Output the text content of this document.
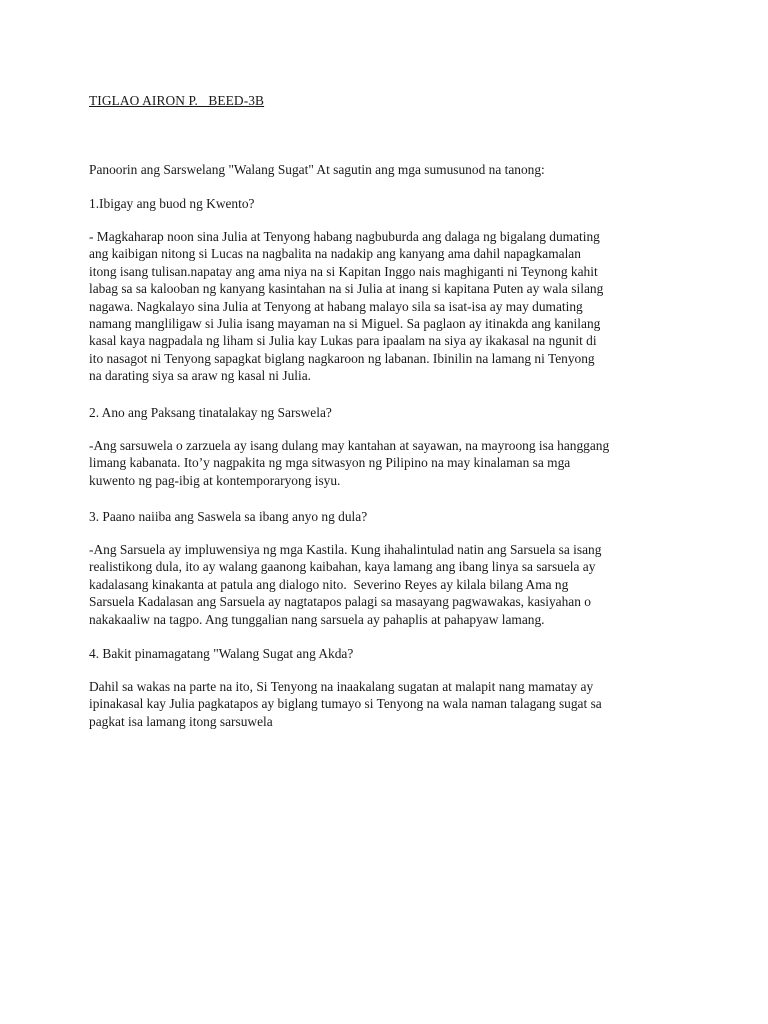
TIGLAO AIRON P.   BEED-3B

Panoorin ang Sarswelang "Walang Sugat" At sagutin ang mga sumusunod na tanong:

1.Ibigay ang buod ng Kwento?

- Magkaharap noon sina Julia at Tenyong habang nagbuburda ang dalaga ng bigalang dumating
ang kaibigan nitong si Lucas na nagbalita na nadakip ang kanyang ama dahil napagkamalan
itong isang tulisan.napatay ang ama niya na si Kapitan Inggo nais maghiganti ni Teynong kahit
labag sa sa kalooban ng kanyang kasintahan na si Julia at inang si kapitana Puten ay wala silang
nagawa. Nagkalayo sina Julia at Tenyong at habang malayo sila sa isat-isa ay may dumating
namang mangliligaw si Julia isang mayaman na si Miguel. Sa paglaon ay itinakda ang kanilang
kasal kaya nagpadala ng liham si Julia kay Lukas para ipaalam na siya ay ikakasal na ngunit di
ito nasagot ni Tenyong sapagkat biglang nagkaroon ng labanan. Ibinilin na lamang ni Tenyong
na darating siya sa araw ng kasal ni Julia.

2. Ano ang Paksang tinatalakay ng Sarswela?

-Ang sarsuwela o zarzuela ay isang dulang may kantahan at sayawan, na mayroong isa hanggang
limang kabanata. Ito’y nagpakita ng mga sitwasyon ng Pilipino na may kinalaman sa mga
kuwento ng pag-ibig at kontemporaryong isyu.

3. Paano naiiba ang Saswela sa ibang anyo ng dula?

-Ang Sarsuela ay impluwensiya ng mga Kastila. Kung ihahalintulad natin ang Sarsuela sa isang
realistikong dula, ito ay walang gaanong kaibahan, kaya lamang ang ibang linya sa sarsuela ay
kadalasang kinakanta at patula ang dialogo nito.  Severino Reyes ay kilala bilang Ama ng
Sarsuela Kadalasan ang Sarsuela ay nagtatapos palagi sa masayang pagwawakas, kasiyahan o
nakakaaliw na tagpo. Ang tunggalian nang sarsuela ay pahaplis at pahapyaw lamang.

4. Bakit pinamagatang "Walang Sugat ang Akda?

Dahil sa wakas na parte na ito, Si Tenyong na inaakalang sugatan at malapit nang mamatay ay
ipinakasal kay Julia pagkatapos ay biglang tumayo si Tenyong na wala naman talagang sugat sa
pagkat isa lamang itong sarsuwela
